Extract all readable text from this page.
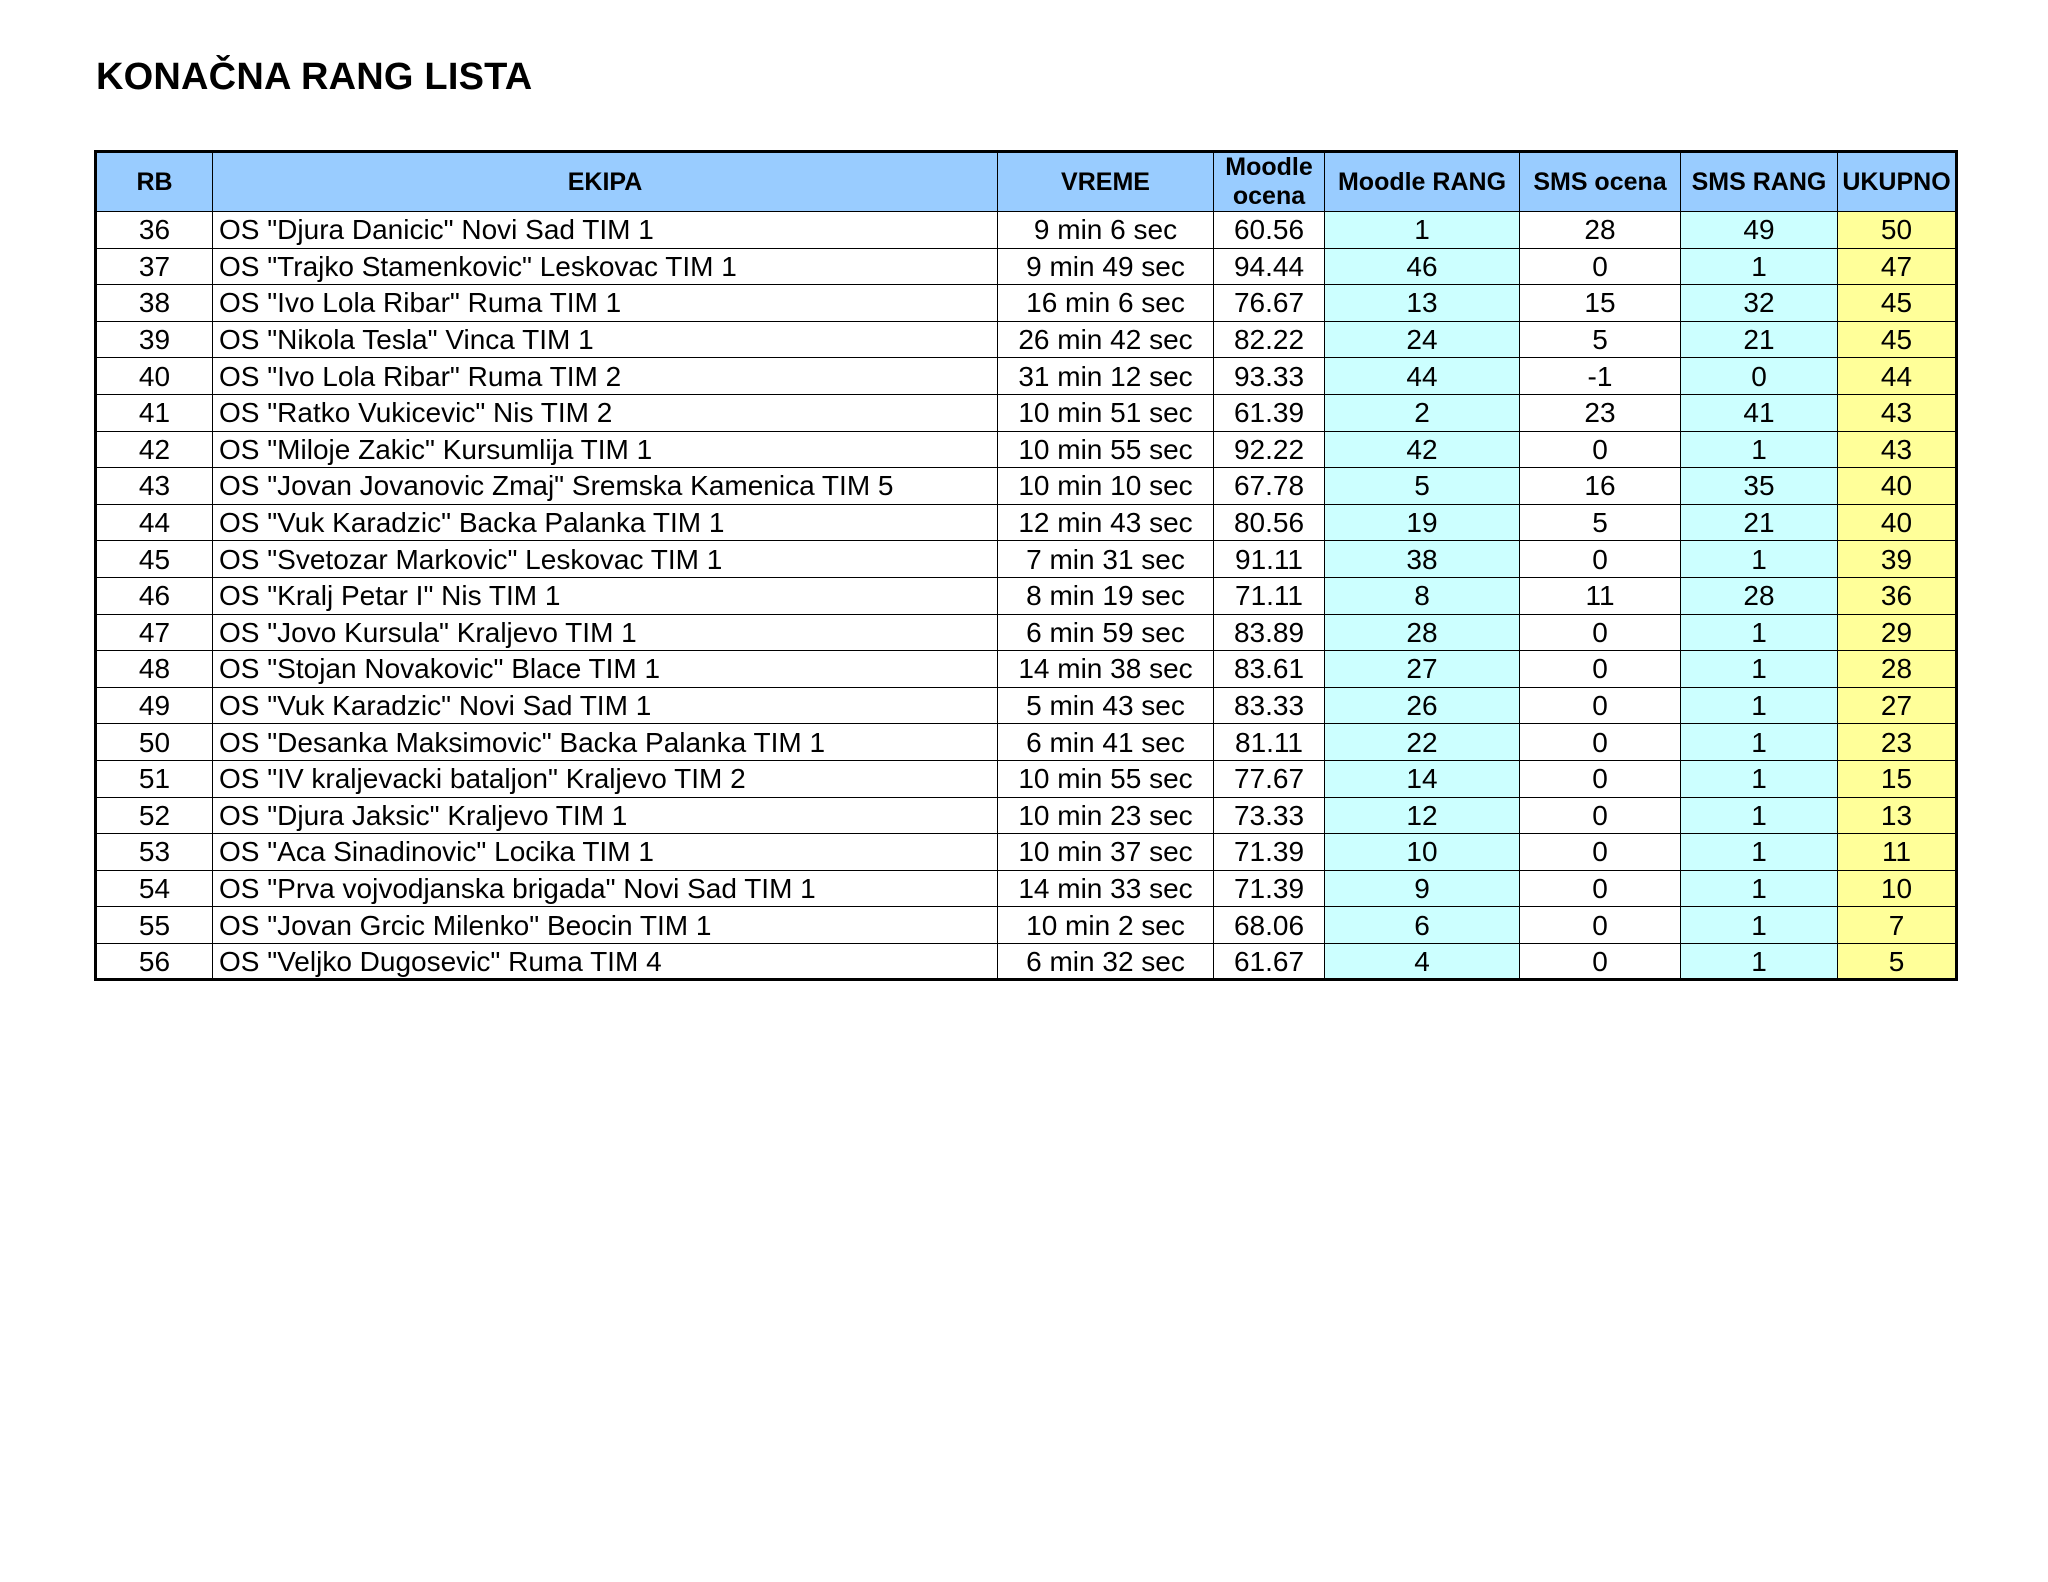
KONAČNA RANG LISTA
RB	EKIPA	VREME	Moodle ocena	Moodle RANG	SMS ocena	SMS RANG	UKUPNO
36	OS "Djura Danicic" Novi Sad TIM 1	9 min 6 sec	60.56	1	28	49	50
37	OS "Trajko Stamenkovic" Leskovac TIM 1	9 min 49 sec	94.44	46	0	1	47
38	OS "Ivo Lola Ribar" Ruma TIM 1	16 min 6 sec	76.67	13	15	32	45
39	OS "Nikola Tesla" Vinca TIM 1	26 min 42 sec	82.22	24	5	21	45
40	OS "Ivo Lola Ribar" Ruma TIM 2	31 min 12 sec	93.33	44	-1	0	44
41	OS "Ratko Vukicevic" Nis TIM 2	10 min 51 sec	61.39	2	23	41	43
42	OS "Miloje Zakic" Kursumlija TIM 1	10 min 55 sec	92.22	42	0	1	43
43	OS "Jovan Jovanovic Zmaj" Sremska Kamenica TIM 5	10 min 10 sec	67.78	5	16	35	40
44	OS "Vuk Karadzic" Backa Palanka TIM 1	12 min 43 sec	80.56	19	5	21	40
45	OS "Svetozar Markovic" Leskovac TIM 1	7 min 31 sec	91.11	38	0	1	39
46	OS "Kralj Petar I" Nis TIM 1	8 min 19 sec	71.11	8	11	28	36
47	OS "Jovo Kursula" Kraljevo TIM 1	6 min 59 sec	83.89	28	0	1	29
48	OS "Stojan Novakovic" Blace TIM 1	14 min 38 sec	83.61	27	0	1	28
49	OS "Vuk Karadzic" Novi Sad TIM 1	5 min 43 sec	83.33	26	0	1	27
50	OS "Desanka Maksimovic" Backa Palanka TIM 1	6 min 41 sec	81.11	22	0	1	23
51	OS "IV kraljevacki bataljon" Kraljevo TIM 2	10 min 55 sec	77.67	14	0	1	15
52	OS "Djura Jaksic" Kraljevo TIM 1	10 min 23 sec	73.33	12	0	1	13
53	OS "Aca Sinadinovic" Locika TIM 1	10 min 37 sec	71.39	10	0	1	11
54	OS "Prva vojvodjanska brigada" Novi Sad TIM 1	14 min 33 sec	71.39	9	0	1	10
55	OS "Jovan Grcic Milenko" Beocin TIM 1	10 min 2 sec	68.06	6	0	1	7
56	OS "Veljko Dugosevic" Ruma TIM 4	6 min 32 sec	61.67	4	0	1	5
